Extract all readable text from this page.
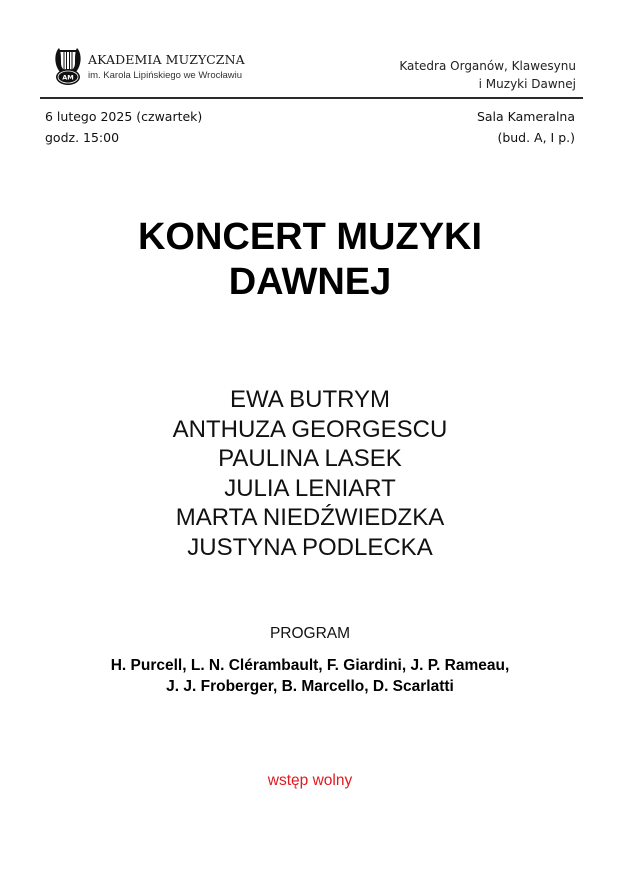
AM
AKADEMIA MUZYCZNA
im. Karola Lipińskiego we Wrocławiu
Katedra Organów, Klawesynu
i Muzyki Dawnej
6 lutego 2025 (czwartek)
godz. 15:00
Sala Kameralna
(bud. A, I p.)
KONCERT MUZYKI
DAWNEJ
EWA BUTRYM
ANTHUZA GEORGESCU
PAULINA LASEK
JULIA LENIART
MARTA NIEDŹWIEDZKA
JUSTYNA PODLECKA
PROGRAM
H. Purcell, L. N. Clérambault, F. Giardini, J. P. Rameau,
J. J. Froberger, B. Marcello, D. Scarlatti
wstęp wolny
